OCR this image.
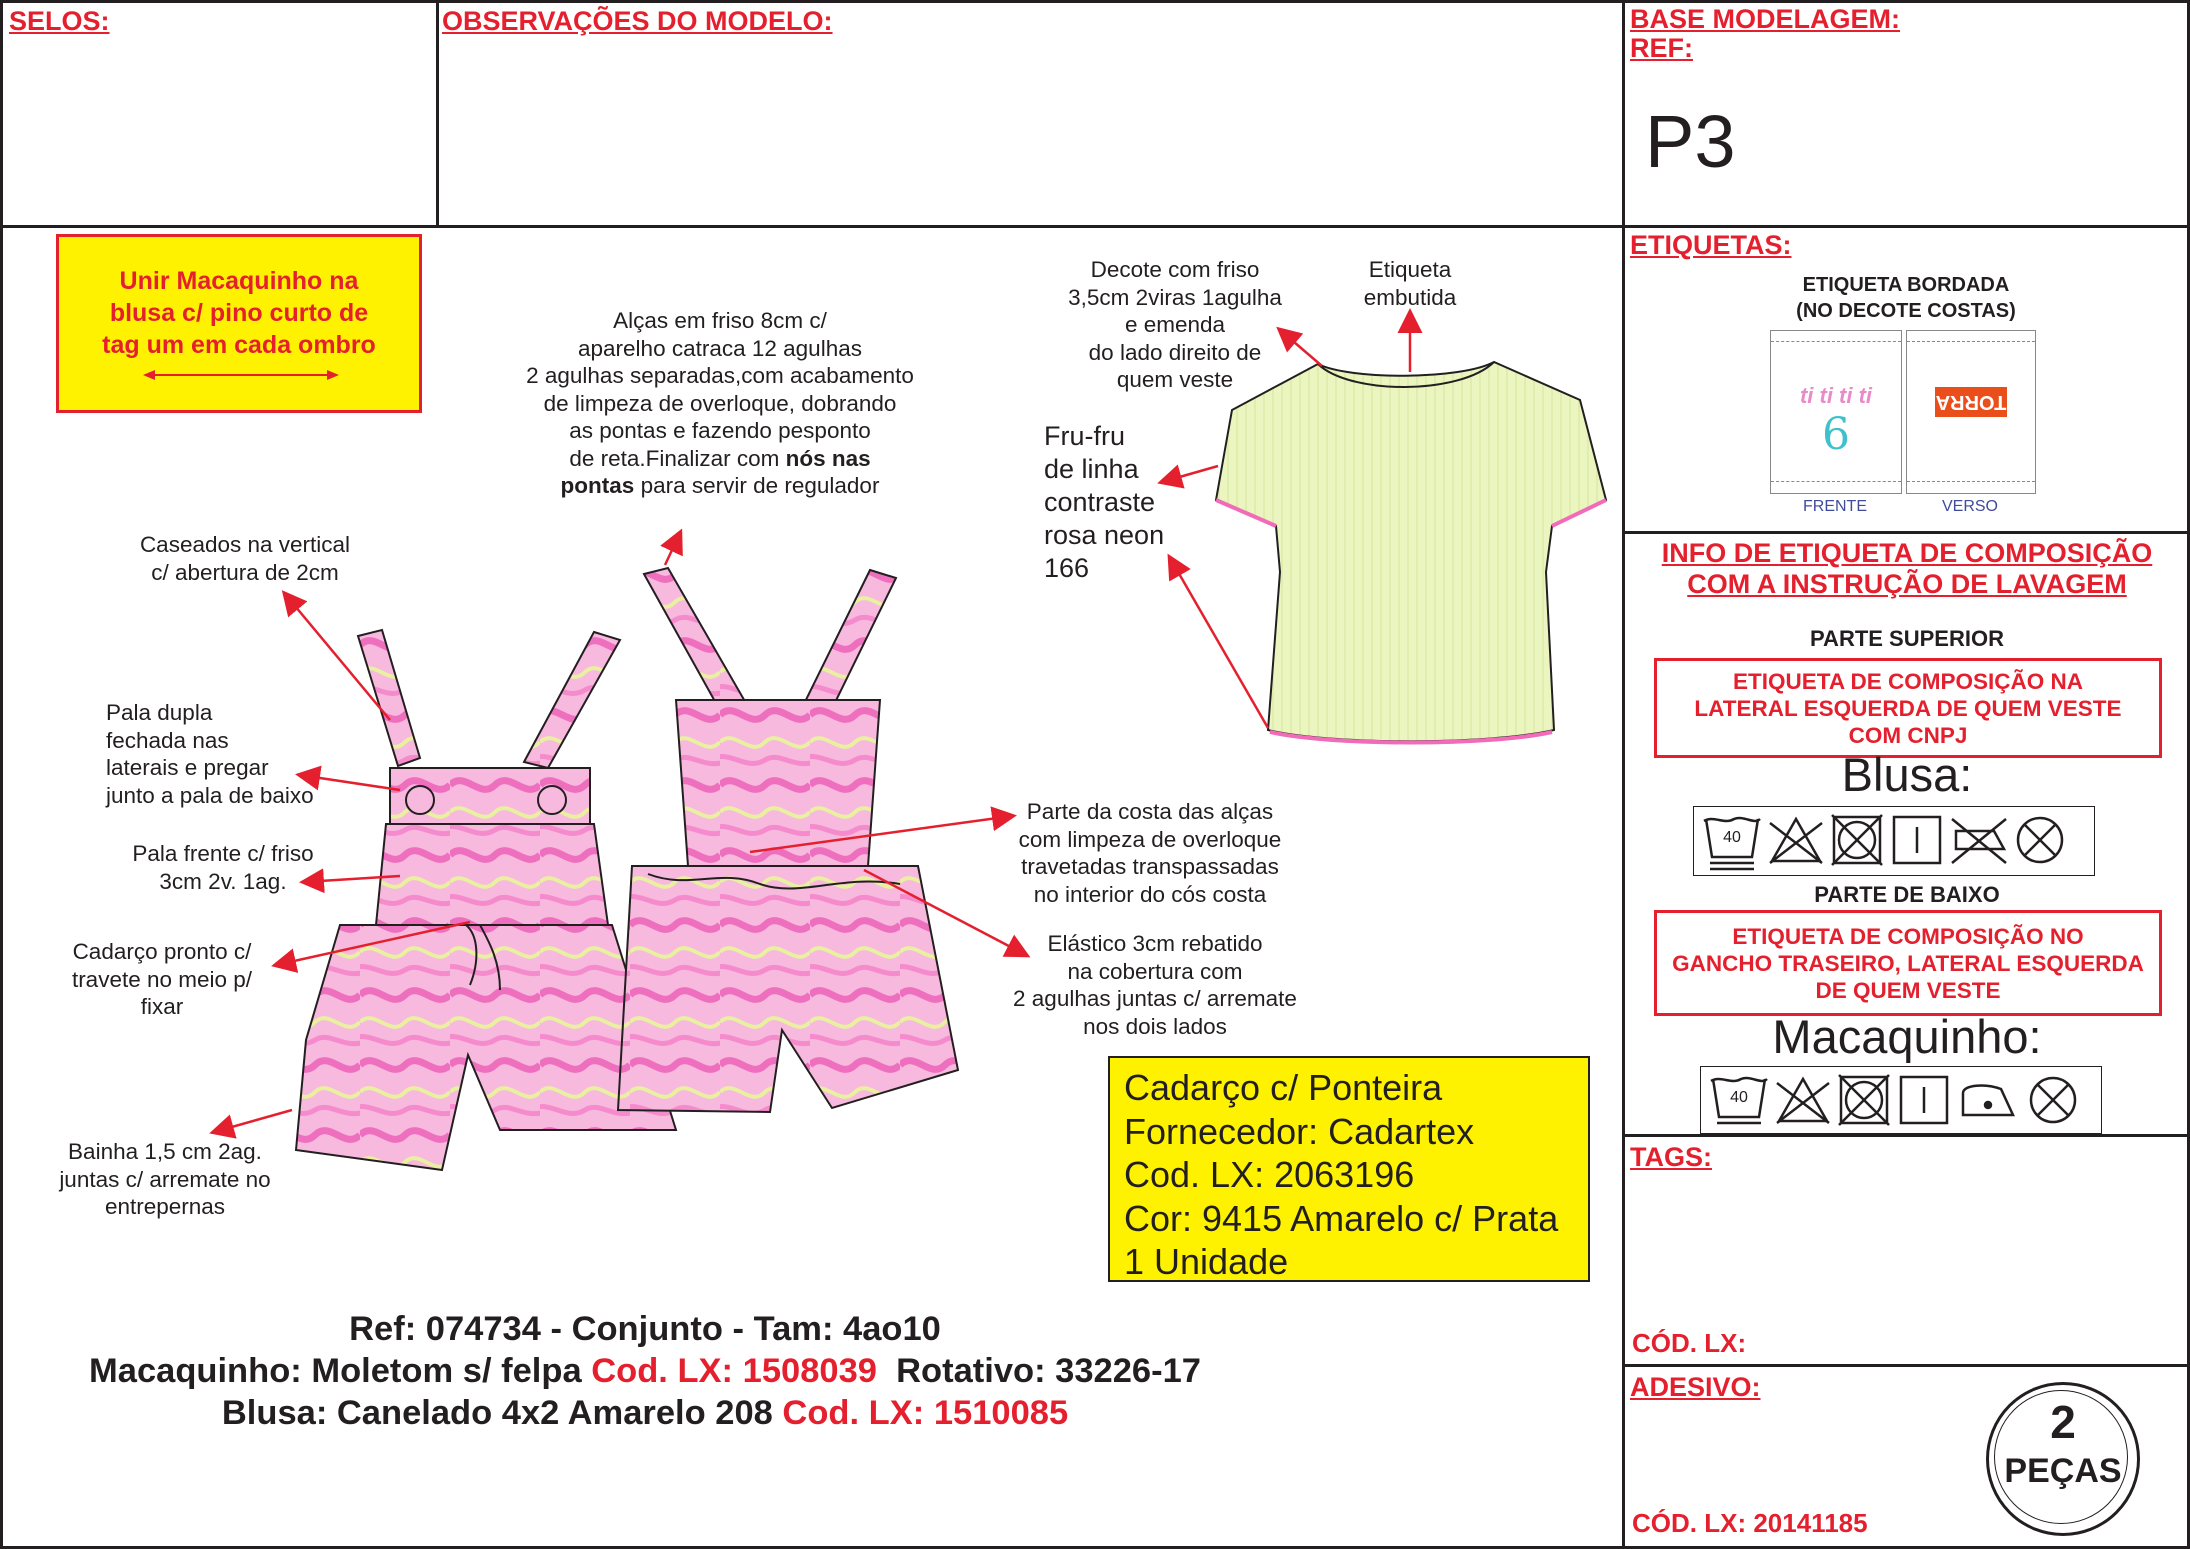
SELOS:	OBSERVAÇÕES DO MODELO:	BASE MODELAGEM:
REF:
P3
Unir Macaquinho na
blusa c/ pino curto de
tag um em cada ombro
Alças em friso 8cm c/
aparelho catraca 12 agulhas
2 agulhas separadas,com acabamento
de limpeza de overloque, dobrando
as pontas e fazendo pesponto
de reta.Finalizar com nós nas
pontas para servir de regulador
Caseados na vertical
c/ abertura de 2cm
Pala dupla
fechada nas
laterais e pregar
junto a pala de baixo
Pala frente c/ friso
3cm 2v. 1ag.
Cadarço pronto c/
travete no meio p/
fixar
Bainha 1,5 cm 2ag.
juntas c/ arremate no
entrepernas
Parte da costa das alças
com limpeza de overloque
travetadas transpassadas
no interior do cós costa
Elástico 3cm rebatido
na cobertura com
2 agulhas juntas c/ arremate
nos dois lados
Decote com friso
3,5cm 2viras 1agulha
e emenda
do lado direito de
quem veste
Etiqueta
embutida
Fru-fru
de linha
contraste
rosa neon
166
Cadarço c/ Ponteira
Fornecedor: Cadartex
Cod. LX: 2063196
Cor: 9415 Amarelo c/ Prata
1 Unidade
Ref: 074734 - Conjunto - Tam: 4ao10
Macaquinho: Moletom s/ felpa Cod. LX: 1508039  Rotativo: 33226-17
Blusa: Canelado 4x2 Amarelo 208 Cod. LX: 1510085
ETIQUETAS:
ETIQUETA BORDADA
(NO DECOTE COSTAS)
ti ti ti ti
6
TORRA
FRENTE	VERSO
INFO DE ETIQUETA DE COMPOSIÇÃO
COM A INSTRUÇÃO DE LAVAGEM
PARTE SUPERIOR
ETIQUETA DE COMPOSIÇÃO NA
LATERAL ESQUERDA DE QUEM VESTE
COM CNPJ
Blusa:
40
PARTE DE BAIXO
ETIQUETA DE COMPOSIÇÃO NO
GANCHO TRASEIRO, LATERAL ESQUERDA
DE QUEM VESTE
Macaquinho:
40
TAGS:
CÓD. LX:
ADESIVO:
CÓD. LX: 20141185
2
PEÇAS
